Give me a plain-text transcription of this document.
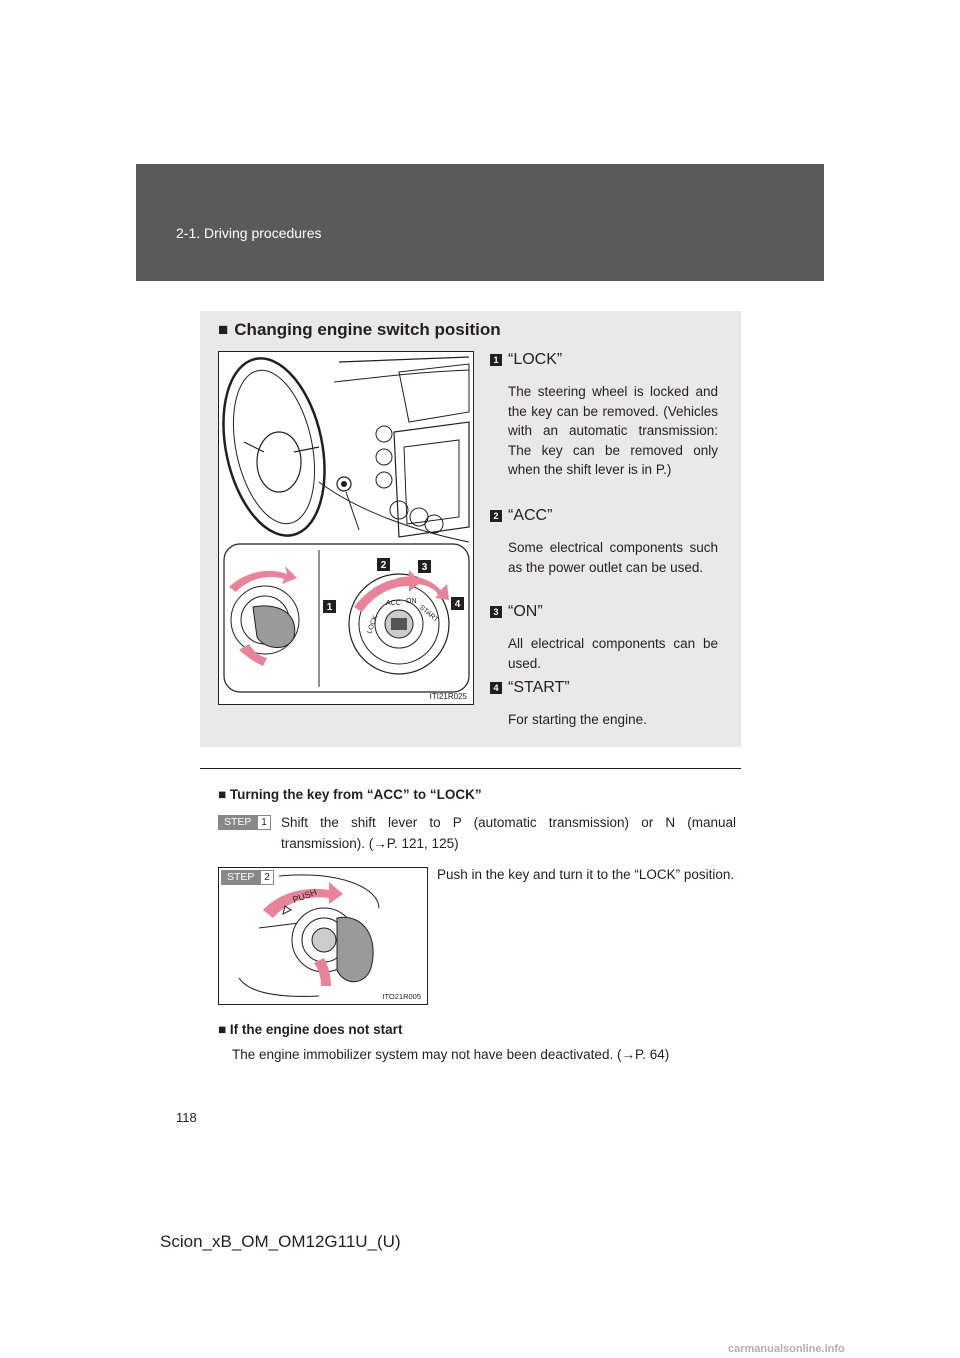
2-1. Driving procedures
■ Changing engine switch position
LOCK
ACC ON
START
1
2	3
4
ITI21R025
1 “LOCK”
The steering wheel is locked and the key can be removed. (Vehicles with an automatic transmission: The key can be removed only when the shift lever is in P.)
2 “ACC”
Some electrical components such as the power outlet can be used.
3 “ON”
All electrical components can be used.
4 “START”
For starting the engine.
■ Turning the key from “ACC” to “LOCK”
STEP 1 Shift the shift lever to P (automatic transmission) or N (manual transmission). (→P. 121, 125)
PUSH
ITO21R005
STEP 2	Push in the key and turn it to the “LOCK” position.
■ If the engine does not start
The engine immobilizer system may not have been deactivated. (→P. 64)
118
Scion_xB_OM_OM12G11U_(U)
carmanualsonline.info
